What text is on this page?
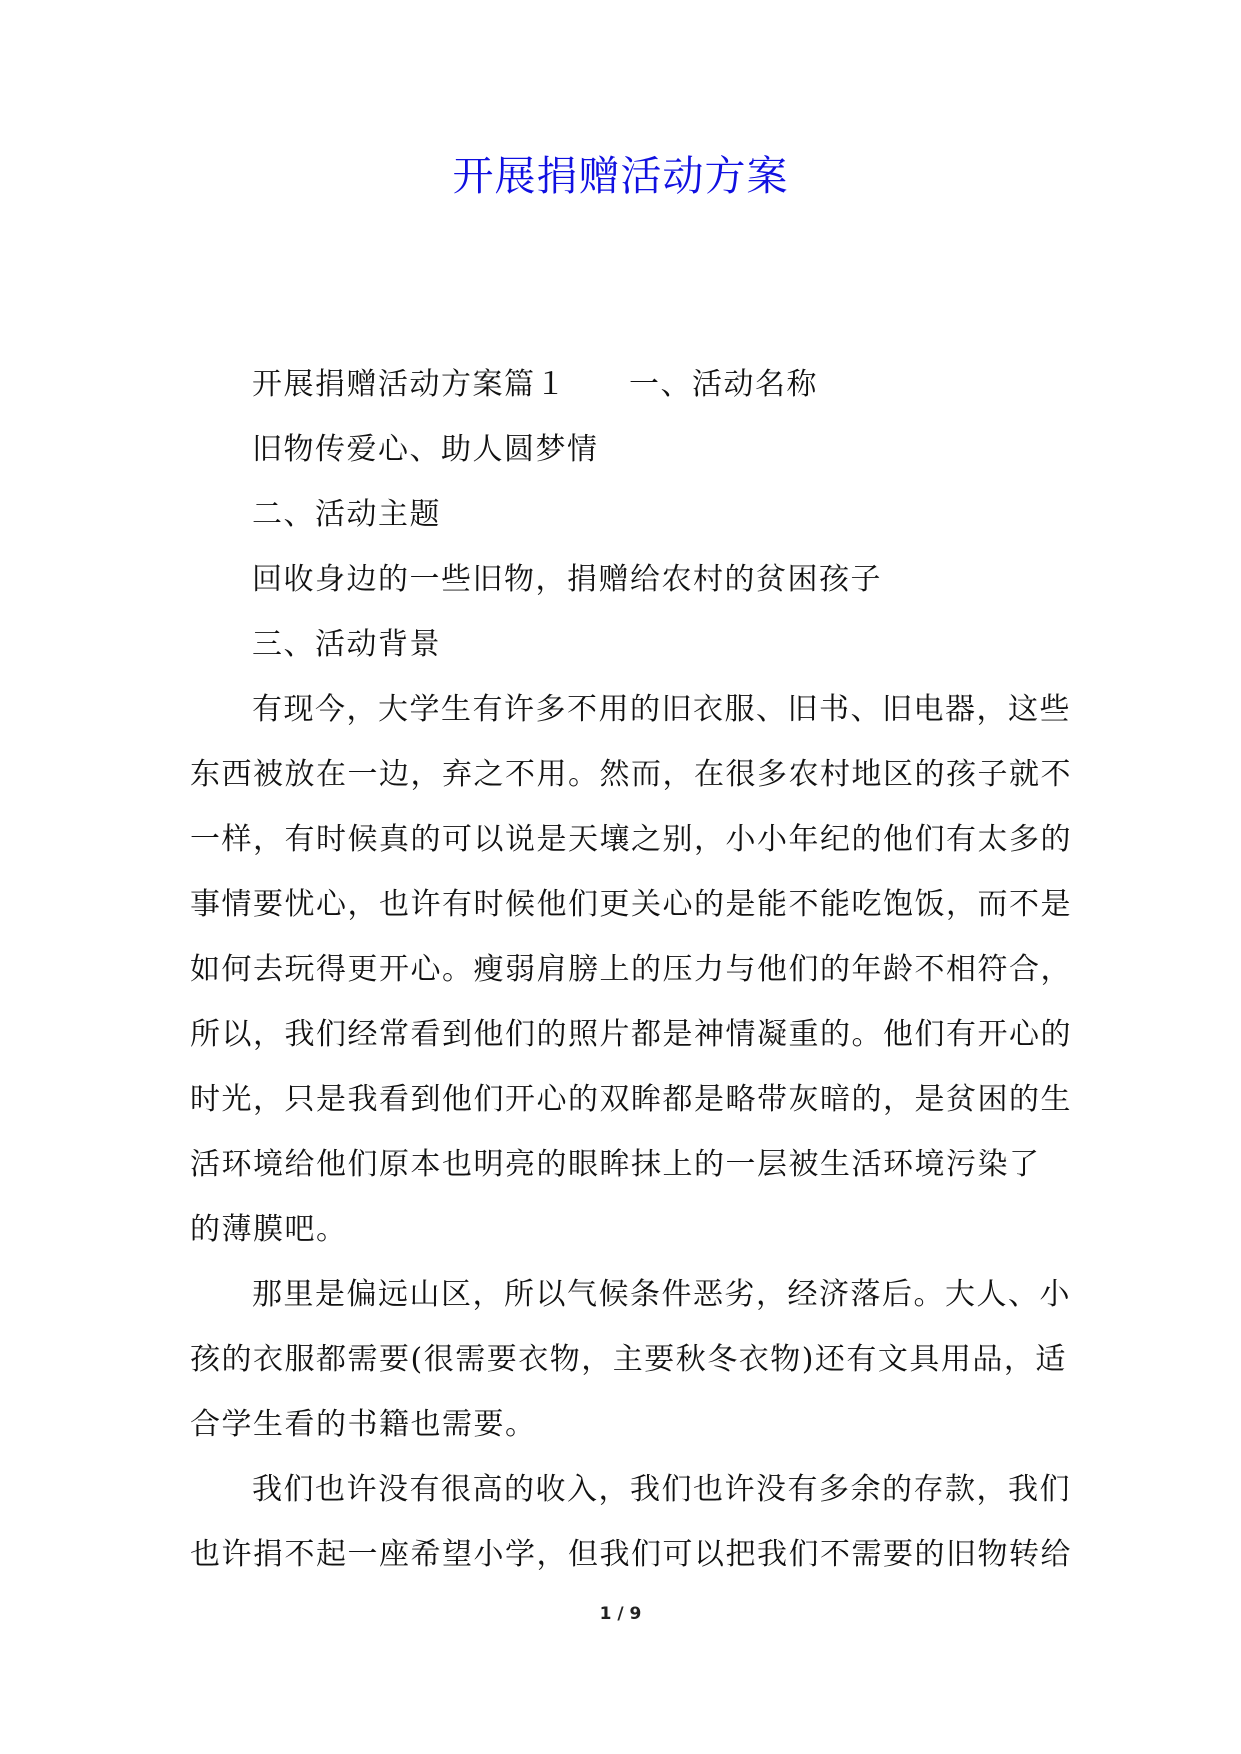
开展捐赠活动方案
开展捐赠活动方案篇１ 一、活动名称
旧物传爱心、助人圆梦情
二、活动主题
回收身边的一些旧物，捐赠给农村的贫困孩子
三、活动背景
有现今，大学生有许多不用的旧衣服、旧书、旧电器，这些
东西被放在一边，弃之不用。然而，在很多农村地区的孩子就不
一样，有时候真的可以说是天壤之别，小小年纪的他们有太多的
事情要忧心，也许有时候他们更关心的是能不能吃饱饭，而不是
如何去玩得更开心。瘦弱肩膀上的压力与他们的年龄不相符合，
所以，我们经常看到他们的照片都是神情凝重的。他们有开心的
时光，只是我看到他们开心的双眸都是略带灰暗的，是贫困的生
活环境给他们原本也明亮的眼眸抹上的一层被生活环境污染了
的薄膜吧。
那里是偏远山区，所以气候条件恶劣，经济落后。大人、小
孩的衣服都需要(很需要衣物，主要秋冬衣物)还有文具用品，适
合学生看的书籍也需要。
我们也许没有很高的收入，我们也许没有多余的存款，我们
也许捐不起一座希望小学，但我们可以把我们不需要的旧物转给
1 / 9
